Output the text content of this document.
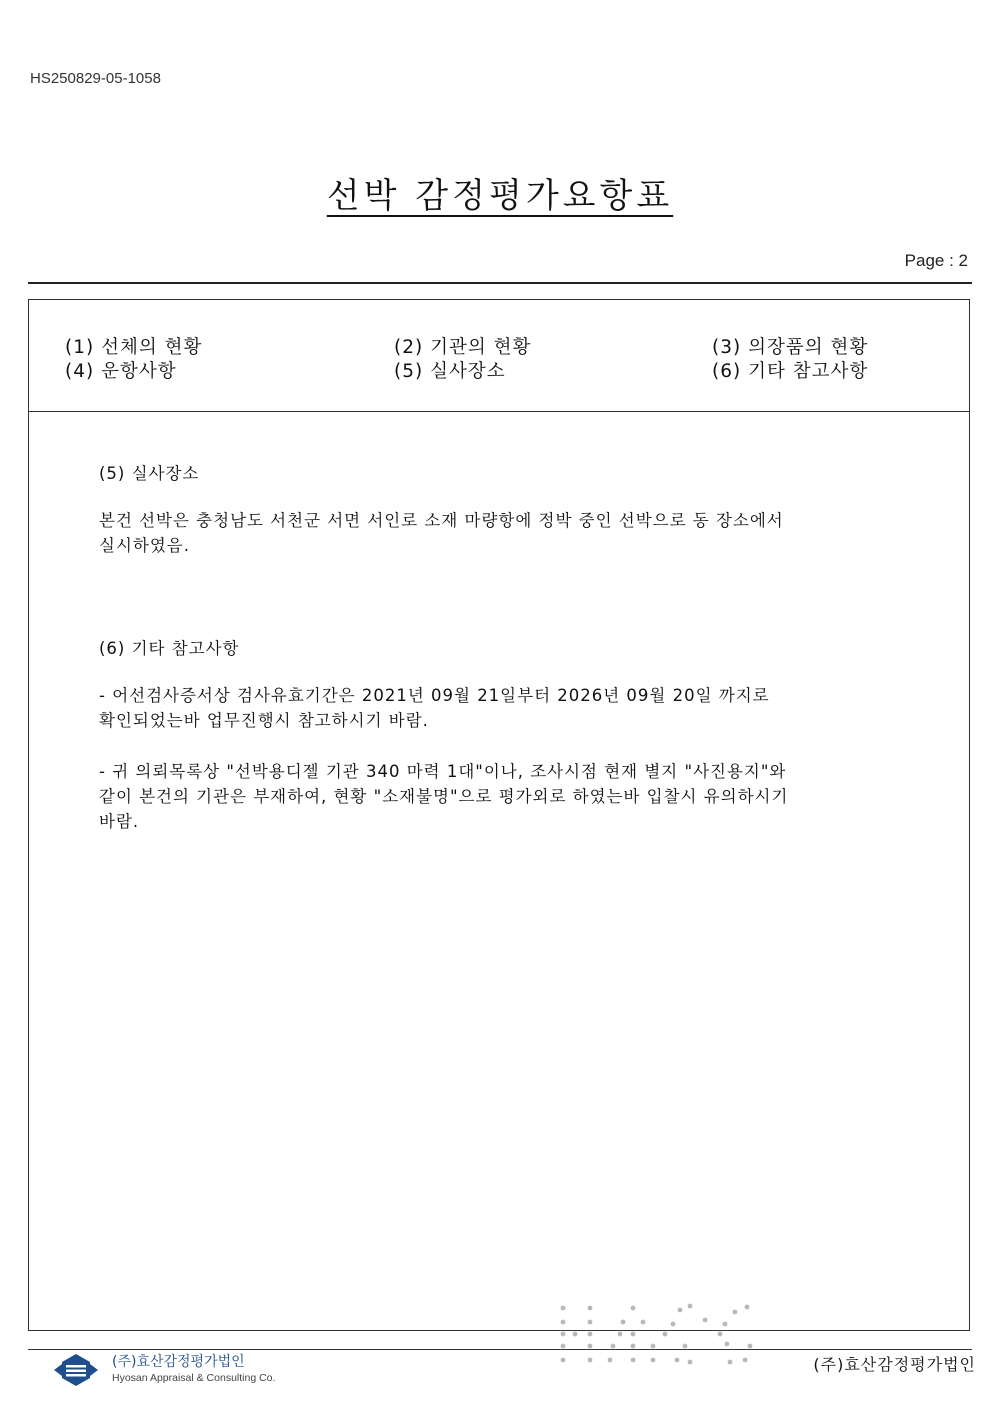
HS250829-05-1058
선박 감정평가요항표
Page : 2
(1) 선체의 현황	(2) 기관의 현황	(3) 의장품의 현황
(4) 운항사항	(5) 실사장소	(6) 기타 참고사항
(5) 실사장소
본건 선박은 충청남도 서천군 서면 서인로 소재 마량항에 정박 중인 선박으로 동 장소에서
실시하였음.
(6) 기타 참고사항
- 어선검사증서상 검사유효기간은 2021년 09월 21일부터 2026년 09월 20일 까지로
확인되었는바 업무진행시 참고하시기 바람.
- 귀 의뢰목록상 "선박용디젤 기관 340 마력 1대"이나, 조사시점 현재 별지 "사진용지"와
같이 본건의 기관은 부재하여, 현황 "소재불명"으로 평가외로 하였는바 입찰시 유의하시기
바람.
(주)효산감정평가법인
Hyosan Appraisal & Consulting Co.
(주)효산감정평가법인
